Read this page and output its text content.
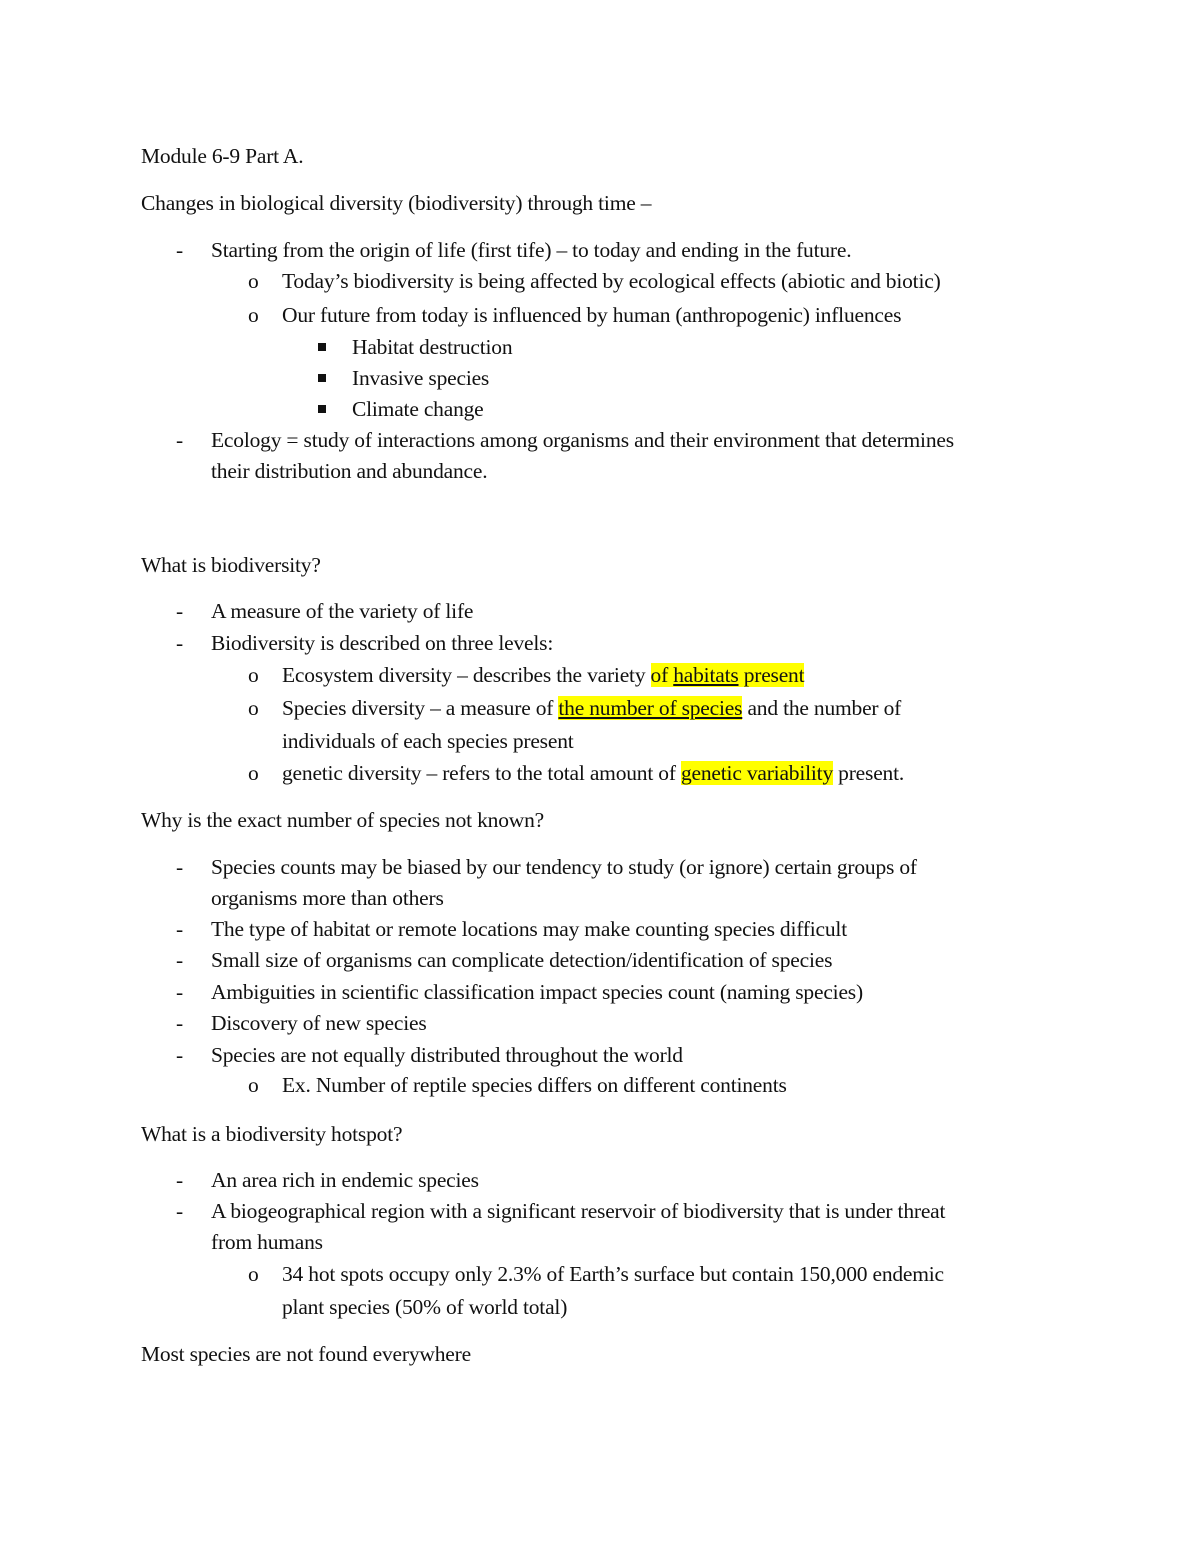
Module 6-9 Part A.
Changes in biological diversity (biodiversity) through time –
- Starting from the origin of life (first tife) – to today and ending in the future.
o Today’s biodiversity is being affected by ecological effects (abiotic and biotic)
o Our future from today is influenced by human (anthropogenic) influences
Habitat destruction
Invasive species
Climate change
- Ecology = study of interactions among organisms and their environment that determines
their distribution and abundance.
What is biodiversity?
- A measure of the variety of life
- Biodiversity is described on three levels:
o Ecosystem diversity – describes the variety of habitats present
o Species diversity – a measure of the number of species and the number of
individuals of each species present
o genetic diversity – refers to the total amount of genetic variability present.
Why is the exact number of species not known?
- Species counts may be biased by our tendency to study (or ignore) certain groups of
organisms more than others
- The type of habitat or remote locations may make counting species difficult
- Small size of organisms can complicate detection/identification of species
- Ambiguities in scientific classification impact species count (naming species)
- Discovery of new species
- Species are not equally distributed throughout the world
o Ex. Number of reptile species differs on different continents
What is a biodiversity hotspot?
- An area rich in endemic species
- A biogeographical region with a significant reservoir of biodiversity that is under threat
from humans
o 34 hot spots occupy only 2.3% of Earth’s surface but contain 150,000 endemic
plant species (50% of world total)
Most species are not found everywhere
